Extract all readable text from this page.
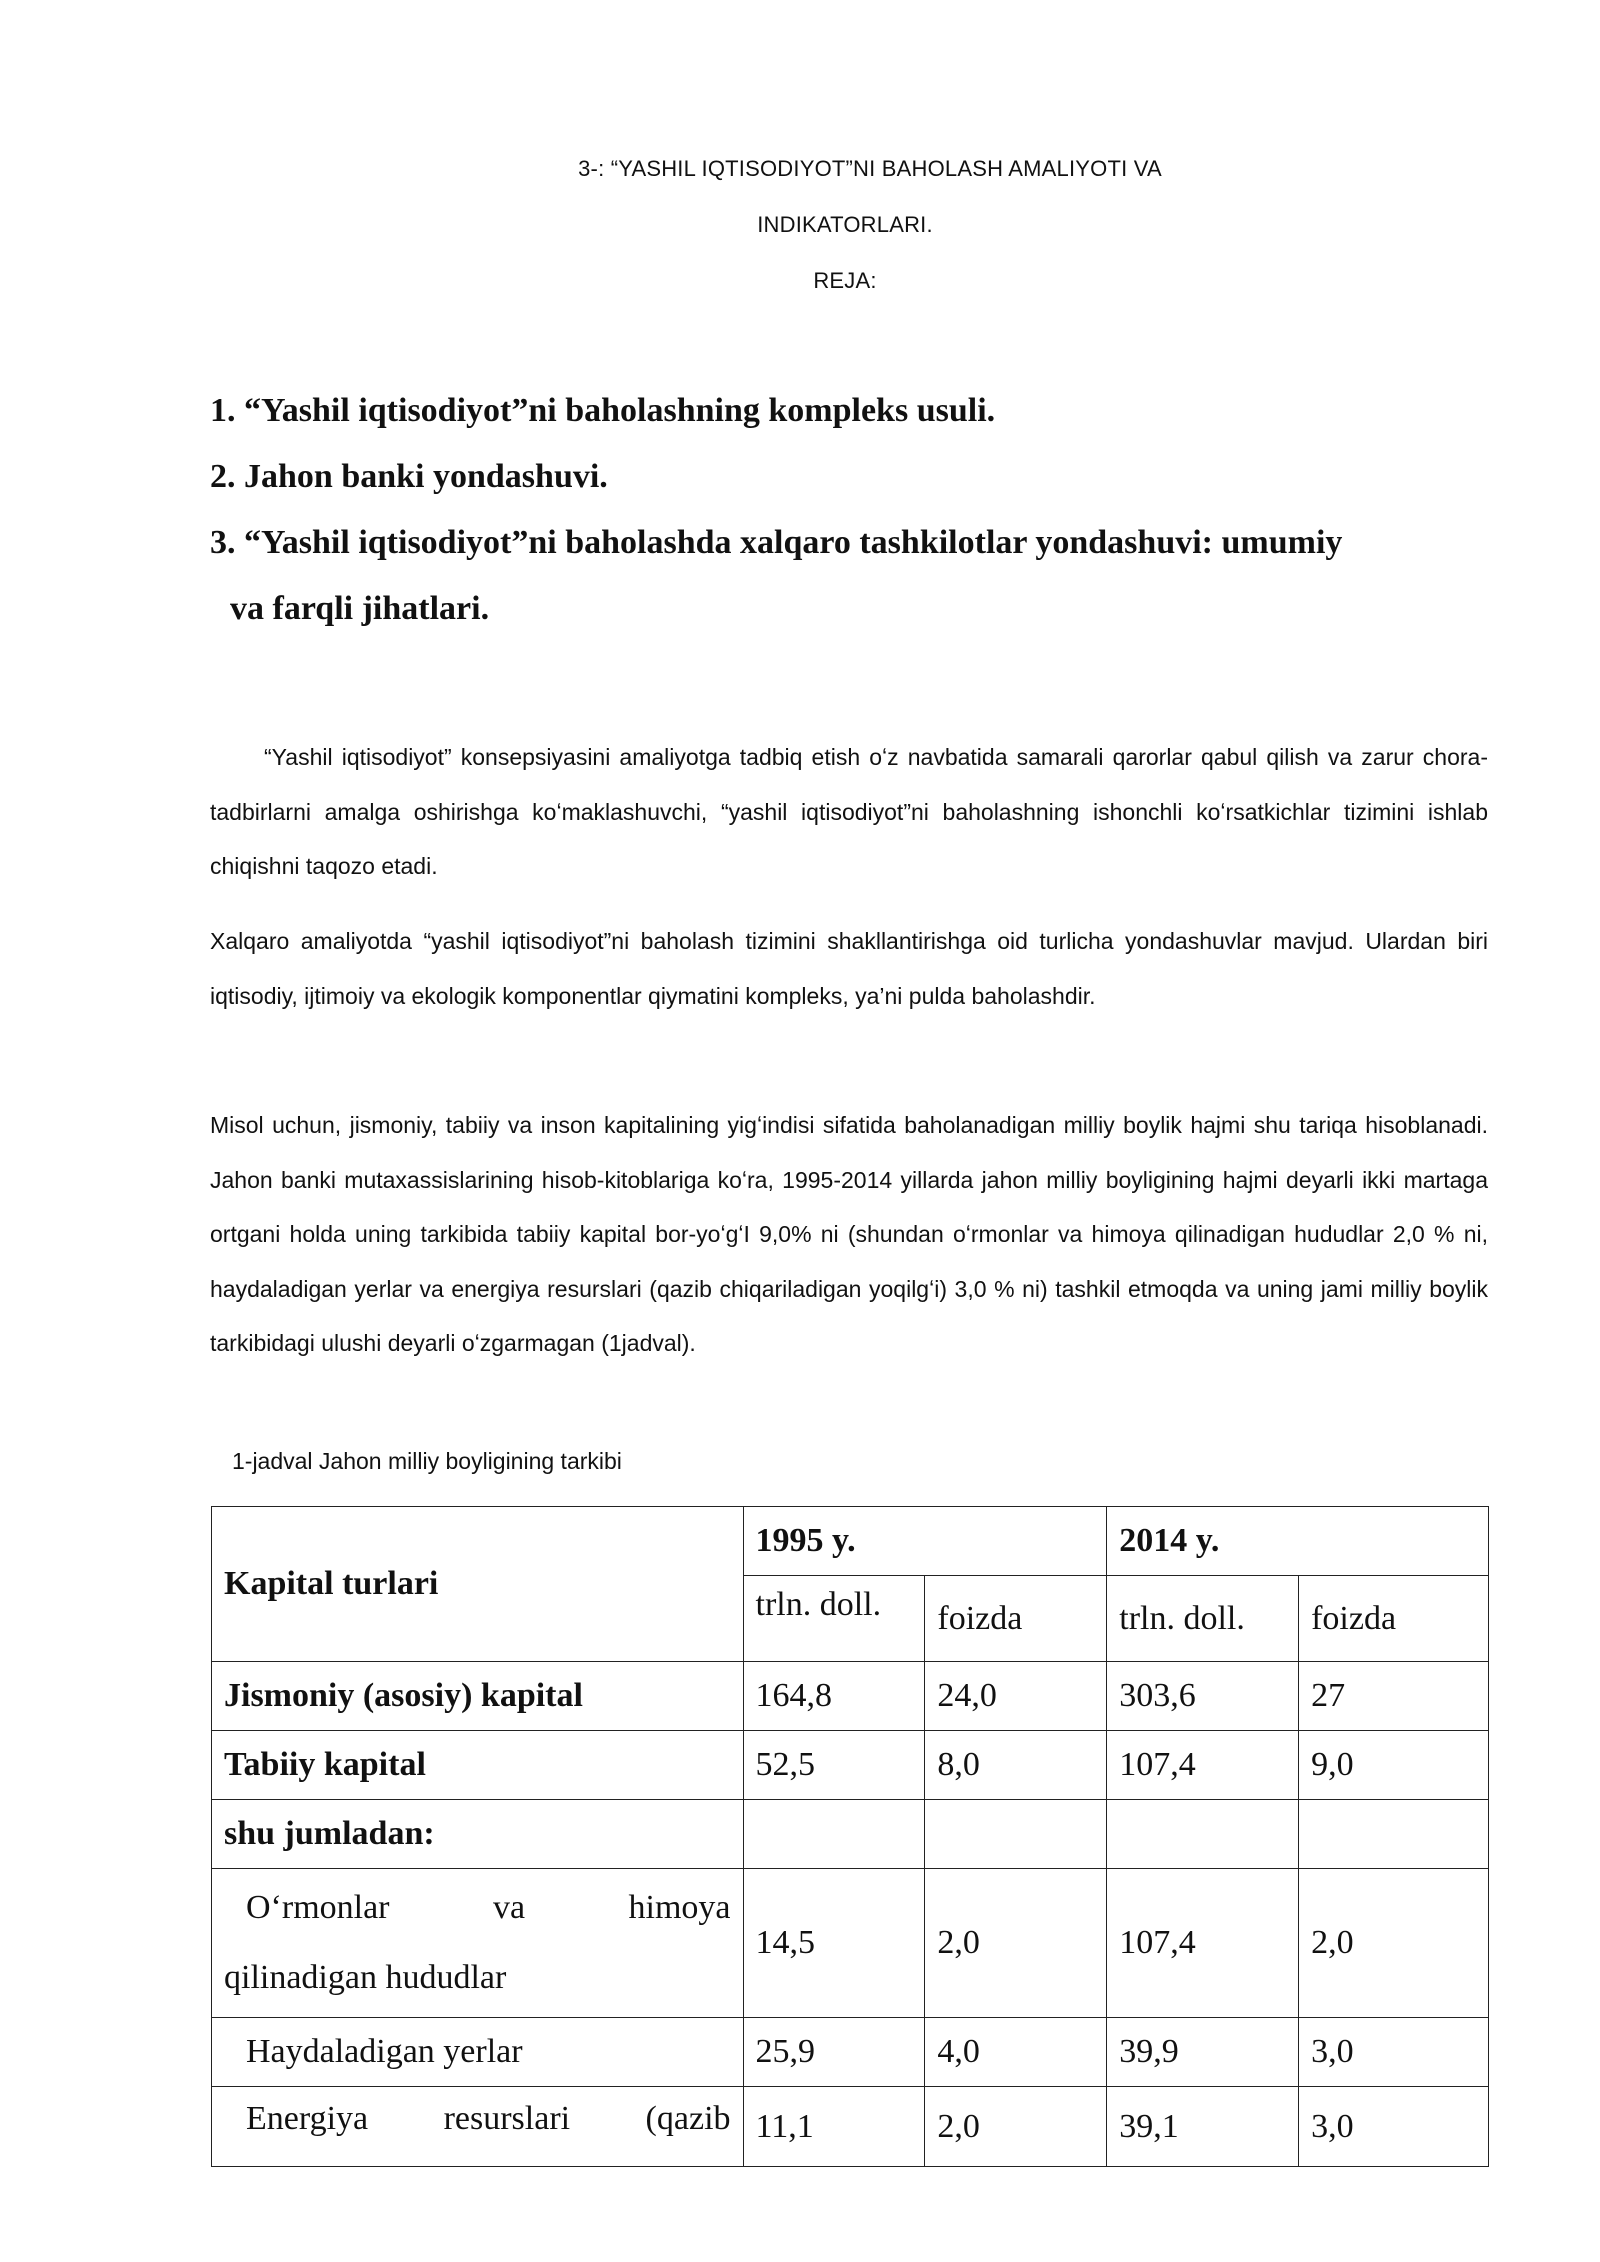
3-: “YASHIL IQTISODIYOT”NI BAHOLASH AMALIYOTI VA
INDIKATORLARI.
REJA:
1. “Yashil iqtisodiyot”ni baholashning kompleks usuli.
2. Jahon banki yondashuvi.
3. “Yashil iqtisodiyot”ni baholashda xalqaro tashkilotlar yondashuvi: umumiy
va farqli jihatlari.

“Yashil iqtisodiyot” konsepsiyasini amaliyotga tadbiq etish oʻz navbatida samarali qarorlar qabul qilish va zarur chora-tadbirlarni amalga oshirishga koʻmaklashuvchi, “yashil iqtisodiyot”ni baholashning ishonchli koʻrsatkichlar tizimini ishlab chiqishni taqozo etadi.

Xalqaro amaliyotda “yashil iqtisodiyot”ni baholash tizimini shakllantirishga oid turlicha yondashuvlar mavjud. Ulardan biri iqtisodiy, ijtimoiy va ekologik komponentlar qiymatini kompleks, ya’ni pulda baholashdir.

Misol uchun, jismoniy, tabiiy va inson kapitalining yigʻindisi sifatida baholanadigan milliy boylik hajmi shu tariqa hisoblanadi. Jahon banki mutaxassislarining hisob-kitoblariga koʻra, 1995-2014 yillarda jahon milliy boyligining hajmi deyarli ikki martaga ortgani holda uning tarkibida tabiiy kapital bor-yoʻgʻI 9,0% ni (shundan oʻrmonlar va himoya qilinadigan hududlar 2,0 % ni, haydaladigan yerlar va energiya resurslari (qazib chiqariladigan yoqilgʻi) 3,0 % ni) tashkil etmoqda va uning jami milliy boylik tarkibidagi ulushi deyarli oʻzgarmagan (1jadval).

1-jadval Jahon milliy boyligining tarkibi
Kapital turlari	1995 y.		2014 y.	
	trln. doll.	foizda	trln. doll.	foizda
Jismoniy (asosiy) kapital	164,8	24,0	303,6	27
Tabiiy kapital	52,5	8,0	107,4	9,0
shu jumladan:				

Oʻrmonlar va himoya
qilinadigan hududlar	14,5	2,0	107,4	2,0
Haydaladigan yerlar	25,9	4,0	39,9	3,0

Energiya resurslari (qazib	11,1	2,0	39,1	3,0
